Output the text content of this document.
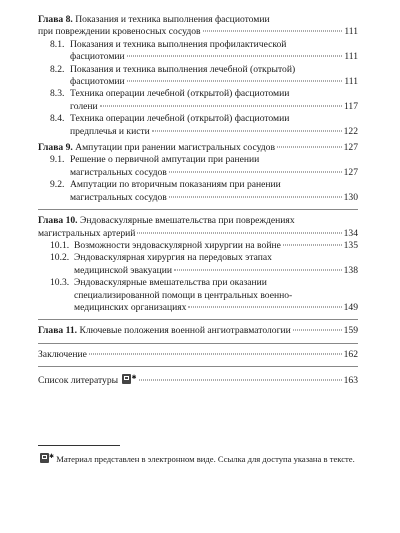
Глава 8. Показания и техника выполнения фасциотомии
при повреждении кровеносных сосудов	111
8.1. Показания и техника выполнения профилактической
фасциотомии	111
8.2. Показания и техника выполнения лечебной (открытой)
фасциотомии	111
8.3. Техника операции лечебной (открытой) фасциотомии
голени	117
8.4. Техника операции лечебной (открытой) фасциотомии
предплечья и кисти	122
Глава 9. Ампутации при ранении магистральных сосудов	127
9.1. Решение о первичной ампутации при ранении
магистральных сосудов	127
9.2. Ампутации по вторичным показаниям при ранении
магистральных сосудов	130
Глава 10. Эндоваскулярные вмешательства при повреждениях
магистральных артерий	134
10.1. Возможности эндоваскулярной хирургии на войне	135
10.2. Эндоваскулярная хирургия на передовых этапах
медицинской эвакуации	138
10.3. Эндоваскулярные вмешательства при оказании
специализированной помощи в центральных военно-
медицинских организациях	149
Глава 11. Ключевые положения военной ангиотравматологии	159
Заключение	162
Список литературы ✱	163
✱ Материал представлен в электронном виде. Ссылка для доступа указана в тексте.
